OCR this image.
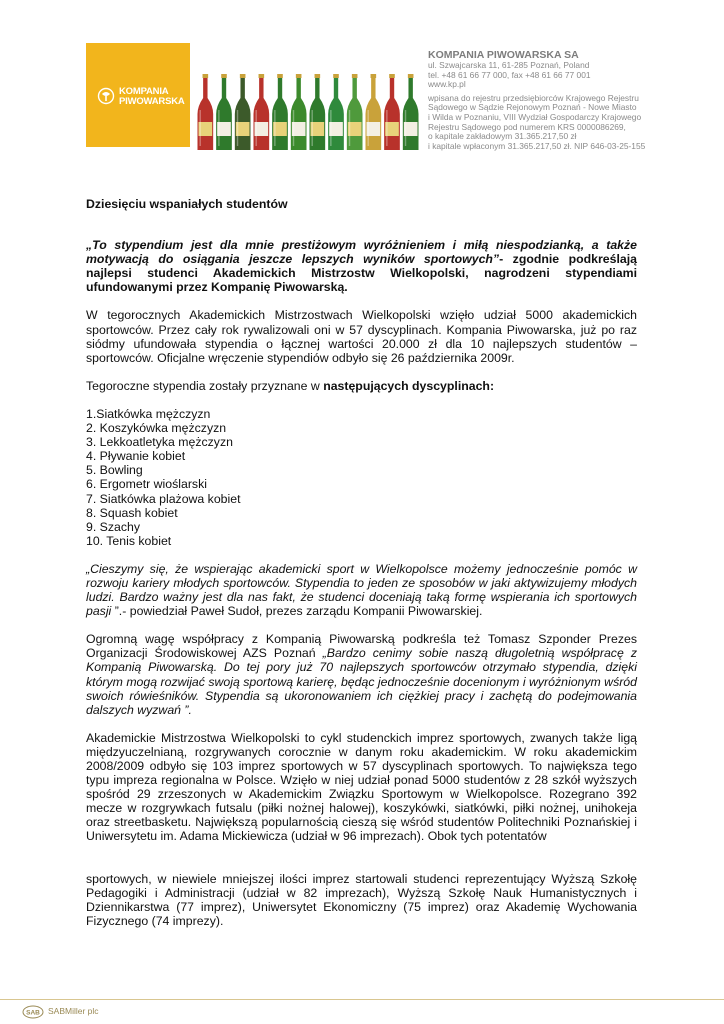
KOMPANIA
PIWOWARSKA
KOMPANIA PIWOWARSKA SA
ul. Szwajcarska 11, 61-285 Poznań, Poland
tel. +48 61 66 77 000, fax +48 61 66 77 001
www.kp.pl
wpisana do rejestru przedsiębiorców Krajowego Rejestru
Sądowego w Sądzie Rejonowym Poznań - Nowe Miasto
i Wilda w Poznaniu, VIII Wydział Gospodarczy Krajowego
Rejestru Sądowego pod numerem KRS 0000086269,
o kapitale zakładowym 31.365.217,50 zł
i kapitale wpłaconym 31.365.217,50 zł. NIP 646-03-25-155

Dziesięciu wspaniałych studentów

„To stypendium jest dla mnie prestiżowym wyróżnieniem i miłą niespodzianką, a także motywacją do osiągania jeszcze lepszych wyników sportowych”- zgodnie podkreślają najlepsi studenci Akademickich Mistrzostw Wielkopolski, nagrodzeni stypendiami ufundowanymi przez Kompanię Piwowarską.

W tegorocznych Akademickich Mistrzostwach Wielkopolski wzięło udział 5000 akademickich sportowców. Przez cały rok rywalizowali oni w 57 dyscyplinach. Kompania Piwowarska, już po raz siódmy ufundowała stypendia o łącznej wartości 20.000 zł dla 10 najlepszych studentów – sportowców. Oficjalne wręczenie stypendiów odbyło się 26 października 2009r.

Tegoroczne stypendia zostały przyznane w następujących dyscyplinach:

1.Siatkówka mężczyzn
2. Koszykówka mężczyzn
3. Lekkoatletyka mężczyzn
4. Pływanie kobiet
5. Bowling
6. Ergometr wioślarski
7. Siatkówka plażowa kobiet
8. Squash kobiet
9. Szachy
10. Tenis kobiet

„Cieszymy się, że wspierając akademicki sport w Wielkopolsce możemy jednocześnie pomóc w rozwoju kariery młodych sportowców. Stypendia to jeden ze sposobów w jaki aktywizujemy młodych ludzi. Bardzo ważny jest dla nas fakt, że studenci doceniają taką formę wspierania ich sportowych pasji ”.- powiedział Paweł Sudoł, prezes zarządu Kompanii Piwowarskiej.

Ogromną wagę współpracy z Kompanią Piwowarską podkreśla też Tomasz Szponder Prezes Organizacji Środowiskowej AZS Poznań „Bardzo cenimy sobie naszą długoletnią współpracę z Kompanią Piwowarską. Do tej pory już 70 najlepszych sportowców otrzymało stypendia, dzięki którym mogą rozwijać swoją sportową karierę, będąc jednocześnie docenionym i wyróżnionym wśród swoich rówieśników. Stypendia są ukoronowaniem ich ciężkiej pracy i zachętą do podejmowania dalszych wyzwań ”.

Akademickie Mistrzostwa Wielkopolski to cykl studenckich imprez sportowych, zwanych także ligą międzyuczelnianą, rozgrywanych corocznie w danym roku akademickim. W roku akademickim 2008/2009 odbyło się 103 imprez sportowych w 57 dyscyplinach sportowych. To największa tego typu impreza regionalna w Polsce. Wzięło w niej udział ponad 5000 studentów z 28 szkół wyższych spośród 29 zrzeszonych w Akademickim Związku Sportowym w Wielkopolsce. Rozegrano 392 mecze w rozgrywkach futsalu (piłki nożnej halowej), koszykówki, siatkówki, piłki nożnej, unihokeja oraz streetbasketu. Największą popularnością cieszą się wśród studentów Politechniki Poznańskiej i Uniwersytetu im. Adama Mickiewicza (udział w 96 imprezach). Obok tych potentatów

sportowych, w niewiele mniejszej ilości imprez startowali studenci reprezentujący Wyższą Szkołę Pedagogiki i Administracji (udział w 82 imprezach), Wyższą Szkołę Nauk Humanistycznych i Dziennikarstwa (77 imprez), Uniwersytet Ekonomiczny (75 imprez) oraz Akademię Wychowania Fizycznego (74 imprezy).

SAB SABMiller plc
